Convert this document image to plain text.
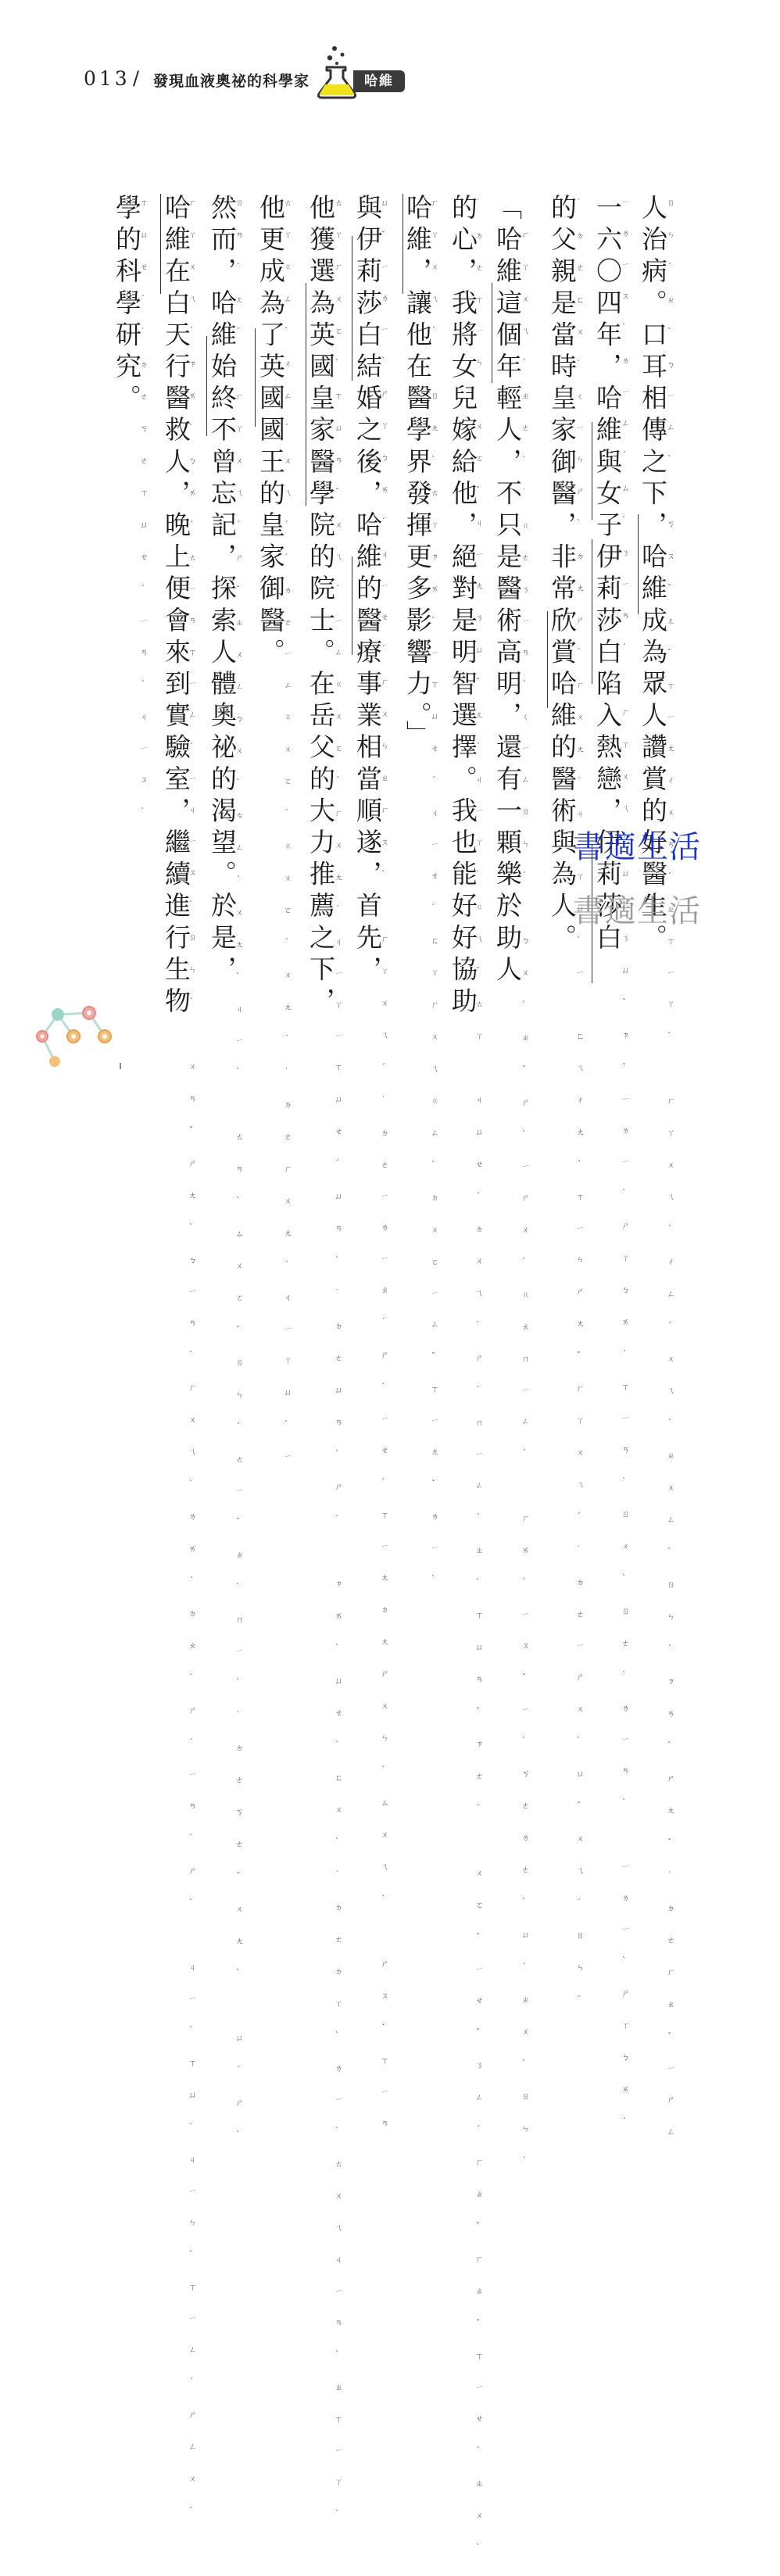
013 / 發現血液奧祕的科學家	哈維
人治病。口耳相傳之下，哈維成為眾人讚賞的好醫生。
ㄖㄣˊㄓˋㄅㄧㄥˋ　ㄎㄡˇㄦˇㄒㄧㄤㄔㄨㄢˊㄓㄒㄧㄚˋ　ㄏㄚㄨㄟˊㄔㄥˊㄨㄟˊㄓㄨㄥˋㄖㄣˊㄗㄢˋㄕㄤˇ˙ㄉㄜㄏㄠˇㄧㄕㄥ
一六〇四年，哈維與女子伊莉莎白陷入熱戀，伊莉莎白
ㄧㄌㄧㄡˋㄌㄧㄥˊㄙˋㄋㄧㄢˊ　ㄏㄚㄨㄟˊㄩˇㄋㄩˇㄗˇㄧㄌㄧˋㄕㄚㄅㄞˊㄒㄧㄢˋㄖㄨˋㄖㄜˋㄌㄧㄢˋ　ㄧㄌㄧˋㄕㄚㄅㄞˊ
的父親是當時皇家御醫，非常欣賞哈維的醫術與為人。
˙ㄉㄜㄈㄨˋㄑㄧㄣㄕˋㄉㄤㄕˊㄏㄨㄤˊㄐㄧㄚㄩˋㄧ　ㄈㄟㄔㄤˊㄒㄧㄣㄕㄤˇㄏㄚㄨㄟˊ˙ㄉㄜㄧㄕㄨˋㄩˇㄨㄟˊㄖㄣˊ
「哈維這個年輕人，不只是醫術高明，還有一顆樂於助人
　ㄏㄚㄨㄟˊㄓㄜˋ˙ㄍㄜㄋㄧㄢˊㄑㄧㄥㄖㄣˊ　ㄅㄨˋㄓˇㄕˋㄧㄕㄨˋㄍㄠㄇㄧㄥˊ　ㄏㄞˊㄧㄡˇㄧˋㄎㄜㄌㄜˋㄩˊㄓㄨˋㄖㄣˊ
的心，我將女兒嫁給他，絕對是明智選擇。我也能好好協助
˙ㄉㄜㄒㄧㄣ　ㄨㄛˇㄐㄧㄤㄋㄩˇㄦˊㄐㄧㄚˋㄍㄟˇㄊㄚ　ㄐㄩㄝˊㄉㄨㄟˋㄕˋㄇㄧㄥˊㄓˋㄒㄩㄢˇㄗㄜˊ　ㄨㄛˇㄧㄝˇㄋㄥˊㄏㄠˇㄏㄠˇㄒㄧㄝˊㄓㄨˋ
哈維，讓他在醫學界發揮更多影響力。」
ㄏㄚㄨㄟˊ　ㄖㄤˋㄊㄚㄗㄞˋㄧㄒㄩㄝˊㄐㄧㄝˋㄈㄚㄏㄨㄟㄍㄥˋㄉㄨㄛㄧㄥˇㄒㄧㄤˇㄌㄧˋ
與伊莉莎白結婚之後，哈維的醫療事業相當順遂，首先，
ㄩˇㄧㄌㄧˋㄕㄚㄅㄞˊㄐㄧㄝˊㄏㄨㄣㄓㄏㄡˋ　ㄏㄚㄨㄟˊ˙ㄉㄜㄧㄌㄧㄠˊㄕˋㄧㄝˋㄒㄧㄤㄉㄤㄕㄨㄣˋㄙㄨㄟˋ　ㄕㄡˇㄒㄧㄢ
他獲選為英國皇家醫學院的院士。在岳父的大力推薦之下，
ㄊㄚㄏㄨㄛˋㄒㄩㄢˇㄨㄟˊㄧㄥㄍㄨㄛˊㄏㄨㄤˊㄐㄧㄚㄧㄒㄩㄝˊㄩㄢˋ˙ㄉㄜㄩㄢˋㄕˋ　ㄗㄞˋㄩㄝˋㄈㄨˋ˙ㄉㄜㄉㄚˋㄌㄧˋㄊㄨㄟㄐㄧㄢˋㄓㄒㄧㄚˋ
他更成為了英國國王的皇家御醫。
ㄊㄚㄍㄥˋㄔㄥˊㄨㄟˊ˙ㄌㄜㄧㄥㄍㄨㄛˊㄍㄨㄛˊㄨㄤˊ˙ㄉㄜㄏㄨㄤˊㄐㄧㄚㄩˋㄧ
然而，哈維始終不曾忘記，探索人體奧祕的渴望。於是，
ㄖㄢˊㄦˊ　ㄏㄚㄨㄟˊㄕˇㄓㄨㄥㄅㄨˋㄘㄥˊㄨㄤˋㄐㄧˋ　ㄊㄢˋㄙㄨㄛˇㄖㄣˊㄊㄧˇㄠˋㄇㄧˋ˙ㄉㄜㄎㄜˇㄨㄤˋ　ㄩˊㄕˋ
哈維在白天行醫救人，晚上便會來到實驗室，繼續進行生物
ㄏㄚㄨㄟˊㄗㄞˋㄅㄞˊㄊㄧㄢㄒㄧㄥˊㄧㄐㄧㄡˋㄖㄣˊ　ㄨㄢˇㄕㄤˋㄅㄧㄢˋㄏㄨㄟˋㄌㄞˊㄉㄠˋㄕˊㄧㄢˋㄕˋ　ㄐㄧˋㄒㄩˋㄐㄧㄣˋㄒㄧㄥˊㄕㄥㄨˋ
學的科學研究。
ㄒㄩㄝˊ˙ㄉㄜㄎㄜㄒㄩㄝˊㄧㄢˊㄐㄧㄡˋ
書適生活
書適生活
